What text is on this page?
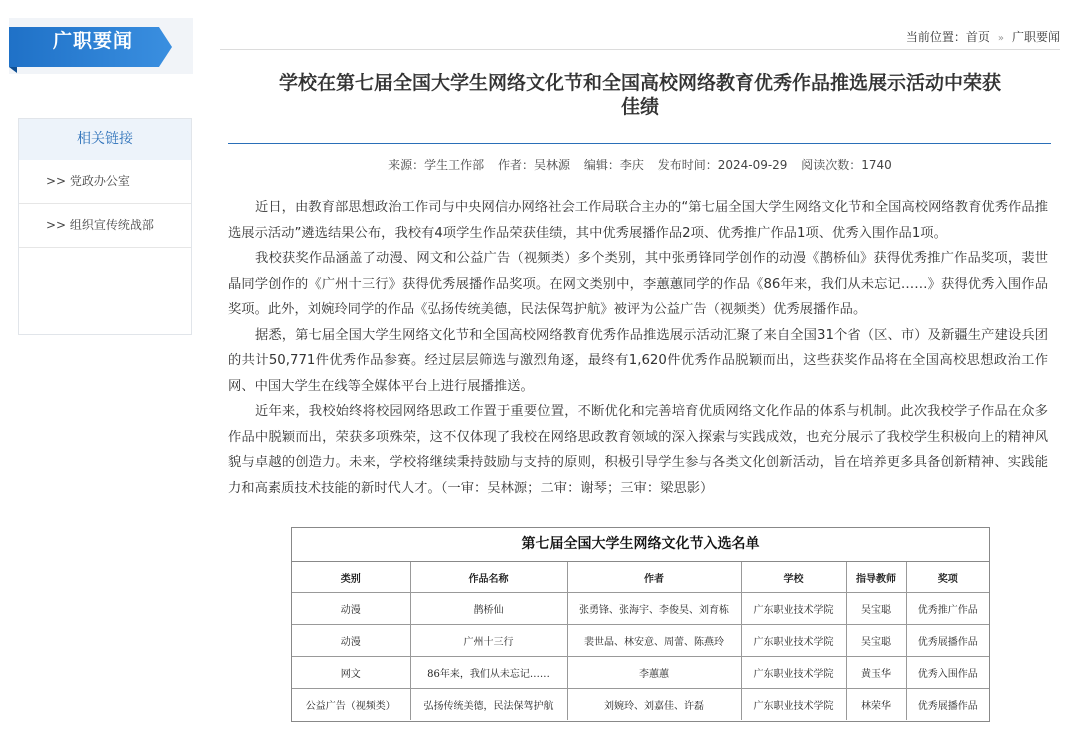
广职要闻
相关链接
>> 党政办公室
>> 组织宣传统战部
当前位置：首页 » 广职要闻
学校在第七届全国大学生网络文化节和全国高校网络教育优秀作品推选展示活动中荣获
佳绩
来源：学生工作部 作者：吴林源 编辑：李庆 发布时间：2024-09-29 阅读次数：1740

近日，由教育部思想政治工作司与中央网信办网络社会工作局联合主办的“第七届全国大学生网络文化节和全国高校网络教育优秀作品推选展示活动”遴选结果公布，我校有4项学生作品荣获佳绩，其中优秀展播作品2项、优秀推广作品1项、优秀入围作品1项。

我校获奖作品涵盖了动漫、网文和公益广告（视频类）多个类别，其中张勇锋同学创作的动漫《鹊桥仙》获得优秀推广作品奖项，裴世晶同学创作的《广州十三行》获得优秀展播作品奖项。在网文类别中，李蕙蕙同学的作品《86年来，我们从未忘记……》获得优秀入围作品奖项。此外，刘婉玲同学的作品《弘扬传统美德，民法保驾护航》被评为公益广告（视频类）优秀展播作品。

据悉，第七届全国大学生网络文化节和全国高校网络教育优秀作品推选展示活动汇聚了来自全国31个省（区、市）及新疆生产建设兵团的共计50,771件优秀作品参赛。经过层层筛选与激烈角逐，最终有1,620件优秀作品脱颖而出，这些获奖作品将在全国高校思想政治工作网、中国大学生在线等全媒体平台上进行展播推送。

近年来，我校始终将校园网络思政工作置于重要位置，不断优化和完善培育优质网络文化作品的体系与机制。此次我校学子作品在众多作品中脱颖而出，荣获多项殊荣，这不仅体现了我校在网络思政教育领域的深入探索与实践成效，也充分展示了我校学生积极向上的精神风貌与卓越的创造力。未来，学校将继续秉持鼓励与支持的原则，积极引导学生参与各类文化创新活动，旨在培养更多具备创新精神、实践能力和高素质技术技能的新时代人才。（一审：吴林源；二审：谢琴；三审：梁思影）

第七届全国大学生网络文化节入选名单
类别	作品名称	作者	学校	指导教师	奖项
动漫	鹊桥仙	张勇锋、张海宇、李俊昊、刘育栋	广东职业技术学院	吴宝聪	优秀推广作品
动漫	广州十三行	裴世晶、林安意、周蕾、陈燕玲	广东职业技术学院	吴宝聪	优秀展播作品
网文	86年来，我们从未忘记……	李蕙蕙	广东职业技术学院	黄玉华	优秀入围作品
公益广告（视频类）	弘扬传统美德，民法保驾护航	刘婉玲、刘嘉佳、许磊	广东职业技术学院	林荣华	优秀展播作品
